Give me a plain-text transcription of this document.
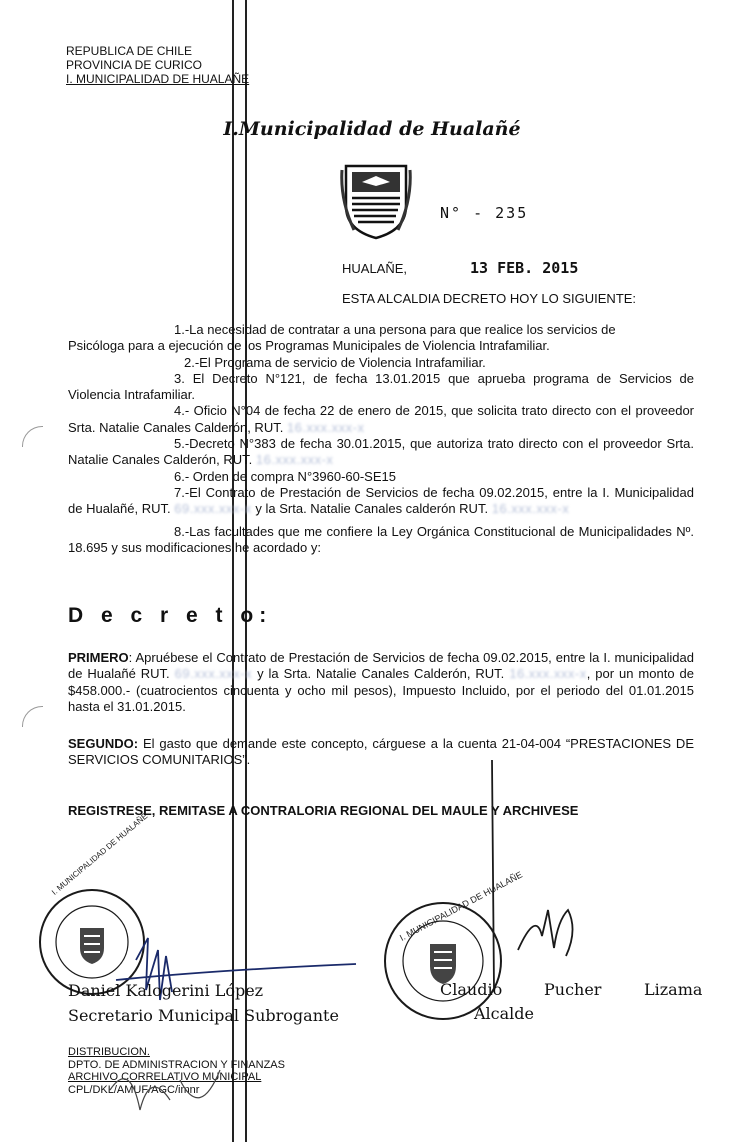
REPUBLICA DE CHILE
PROVINCIA DE CURICO
I. MUNICIPALIDAD DE HUALAÑE
I.Municipalidad de Hualañé
N° - 235
HUALAÑE,	13 FEB. 2015
ESTA ALCALDIA DECRETO HOY LO SIGUIENTE:

1.-La necesidad de contratar a una persona para que realice los servicios de

Psicóloga para a ejecución de los Programas Municipales de Violencia Intrafamiliar.

2.-El Programa de servicio de Violencia Intrafamiliar.

3. El Decreto N°121, de fecha 13.01.2015 que aprueba programa de Servicios de Violencia Intrafamiliar.

4.- Oficio N°04 de fecha 22 de enero de 2015, que solicita trato directo con el proveedor Srta. Natalie Canales Calderón, RUT. 16.xxx.xxx-x

5.-Decreto N°383 de fecha 30.01.2015, que autoriza trato directo con el proveedor Srta. Natalie Canales Calderón, RUT. 16.xxx.xxx-x

6.- Orden de compra N°3960-60-SE15

7.-El Contrato de Prestación de Servicios de fecha 09.02.2015, entre la I. Municipalidad de Hualañé, RUT. 69.xxx.xxx-x y la Srta. Natalie Canales calderón RUT. 16.xxx.xxx-x

8.-Las facultades que me confiere la Ley Orgánica Constitucional de Municipalidades Nº. 18.695 y sus modificaciones he acordado y:

D e c r e t o:
PRIMERO: Apruébese el Contrato de Prestación de Servicios de fecha 09.02.2015, entre la I. municipalidad de Hualañé RUT. 69.xxx.xxx-x y la Srta. Natalie Canales Calderón, RUT. 16.xxx.xxx-x, por un monto de $458.000.- (cuatrocientos cincuenta y ocho mil pesos), Impuesto Incluido, por el periodo del 01.01.2015 hasta el 31.01.2015.
SEGUNDO: El gasto que demande este concepto, cárguese a la cuenta 21-04-004 “PRESTACIONES DE SERVICIOS COMUNITARIOS”.
REGISTRESE, REMITASE A CONTRALORIA REGIONAL DEL MAULE Y ARCHIVESE
I. MUNICIPALIDAD DE HUALAÑE
Daniel Kalogerini López
Secretario Municipal Subrogante
I. MUNICIPALIDAD DE HUALAÑE
Claudio	Pucher	Lizama
Alcalde
DISTRIBUCION.
DPTO. DE ADMINISTRACION Y FINANZAS
ARCHIVO CORRELATIVO MUNICIPAL
CPL/DKL/AMUF/AGC/imnr
